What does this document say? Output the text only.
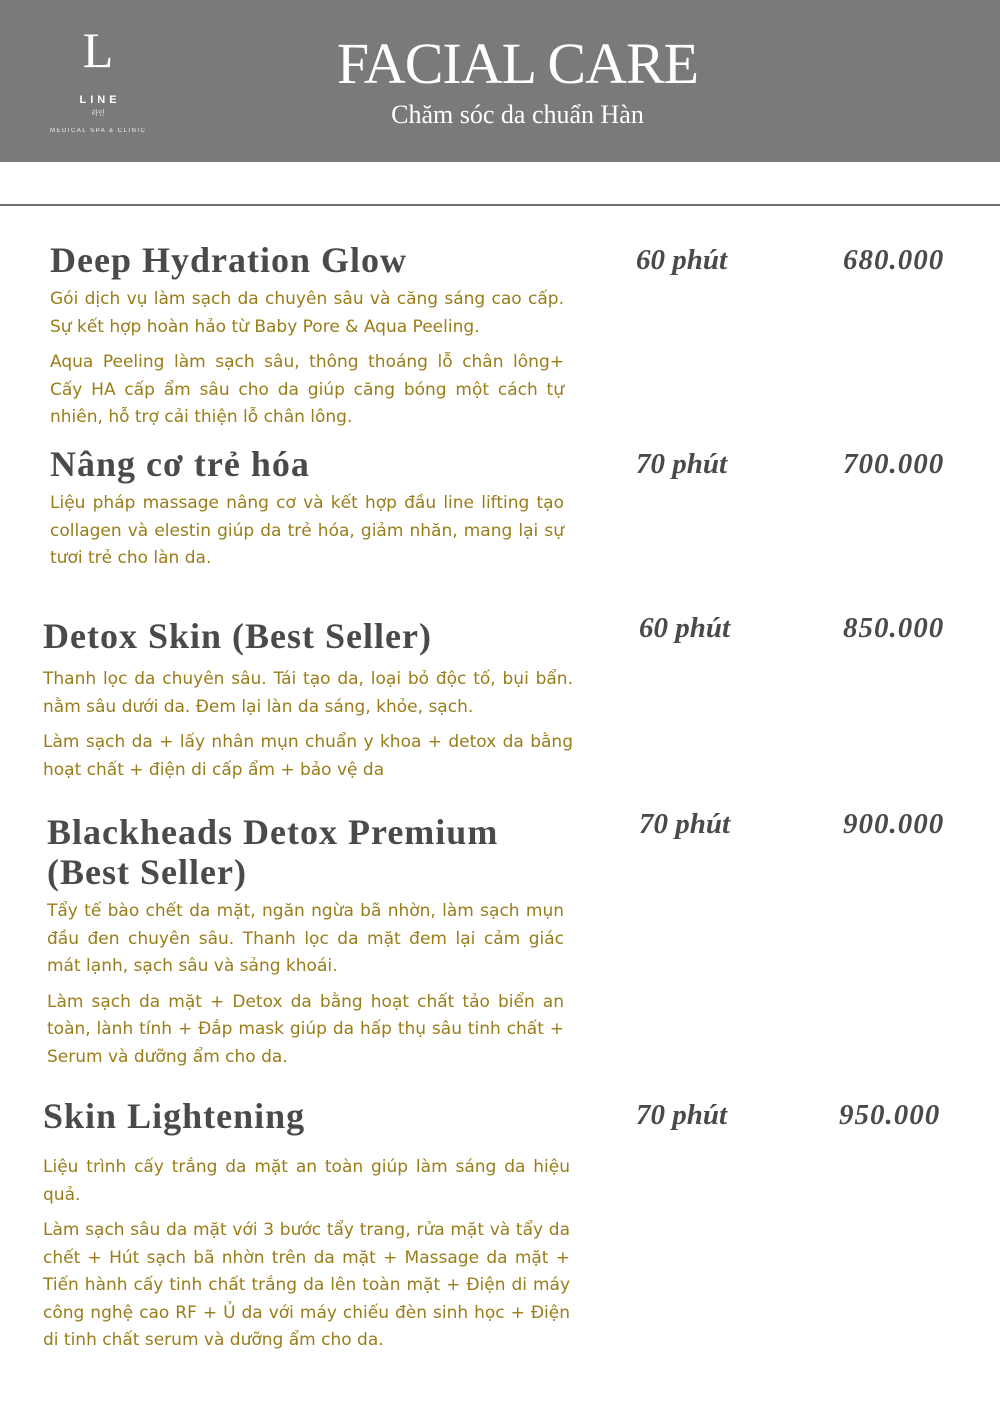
L
LINE
라인
MEDICAL SPA & CLINIC
FACIAL CARE
Chăm sóc da chuẩn Hàn
Deep Hydration Glow

Gói dịch vụ làm sạch da chuyên sâu và căng sáng cao cấp. Sự kết hợp hoàn hảo từ Baby Pore & Aqua Peeling.

Aqua Peeling làm sạch sâu, thông thoáng lỗ chân lông+ Cấy HA cấp ẩm sâu cho da giúp căng bóng một cách tự nhiên, hỗ trợ cải thiện lỗ chân lông.

60 phút	680.000
Nâng cơ trẻ hóa

Liệu pháp massage nâng cơ và kết hợp đầu line lifting tạo collagen và elestin giúp da trẻ hóa, giảm nhăn, mang lại sự tươi trẻ cho làn da.

70 phút	700.000
Detox Skin (Best Seller)

Thanh lọc da chuyên sâu. Tái tạo da, loại bỏ độc tố, bụi bẩn. nằm sâu dưới da. Đem lại làn da sáng, khỏe, sạch.

Làm sạch da + lấy nhân mụn chuẩn y khoa + detox da bằng hoạt chất + điện di cấp ẩm + bảo vệ da

60 phút	850.000
Blackheads Detox Premium (Best Seller)

Tẩy tế bào chết da mặt, ngăn ngừa bã nhờn, làm sạch mụn đầu đen chuyên sâu. Thanh lọc da mặt đem lại cảm giác mát lạnh, sạch sâu và sảng khoái.

Làm sạch da mặt + Detox da bằng hoạt chất tảo biển an toàn, lành tính + Đắp mask giúp da hấp thụ sâu tinh chất + Serum và dưỡng ẩm cho da.

70 phút	900.000
Skin Lightening

Liệu trình cấy trắng da mặt an toàn giúp làm sáng da hiệu quả.

Làm sạch sâu da mặt với 3 bước tẩy trang, rửa mặt và tẩy da chết + Hút sạch bã nhờn trên da mặt + Massage da mặt + Tiến hành cấy tinh chất trắng da lên toàn mặt + Điện di máy công nghệ cao RF + Ủ da với máy chiếu đèn sinh học + Điện di tinh chất serum và dưỡng ẩm cho da.

70 phút	950.000
